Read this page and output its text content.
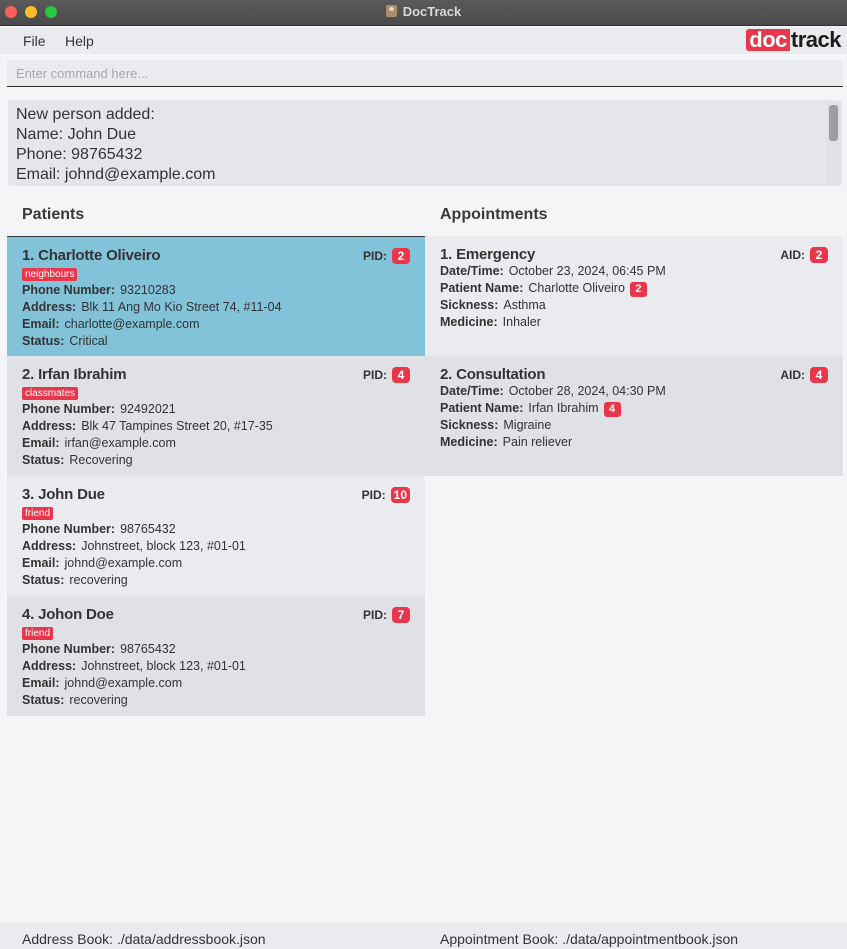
DocTrack
File Help	doc track
Enter command here...
New person added:
Name: John Due
Phone: 98765432
Email: johnd@example.com
Patients	Appointments
1. Charlotte Oliveiro	PID: 2
neighbours
Phone Number: 93210283
Address: Blk 11 Ang Mo Kio Street 74, #11-04
Email: charlotte@example.com
Status: Critical
2. Irfan Ibrahim	PID: 4
classmates
Phone Number: 92492021
Address: Blk 47 Tampines Street 20, #17-35
Email: irfan@example.com
Status: Recovering
3. John Due	PID: 10
friend
Phone Number: 98765432
Address: Johnstreet, block 123, #01-01
Email: johnd@example.com
Status: recovering
4. Johon Doe	PID: 7
friend
Phone Number: 98765432
Address: Johnstreet, block 123, #01-01
Email: johnd@example.com
Status: recovering
1. Emergency	AID: 2
Date/Time: October 23, 2024, 06:45 PM
Patient Name: Charlotte Oliveiro 2
Sickness: Asthma
Medicine: Inhaler
2. Consultation	AID: 4
Date/Time: October 28, 2024, 04:30 PM
Patient Name: Irfan Ibrahim 4
Sickness: Migraine
Medicine: Pain reliever
Address Book: ./data/addressbook.json	Appointment Book: ./data/appointmentbook.json
